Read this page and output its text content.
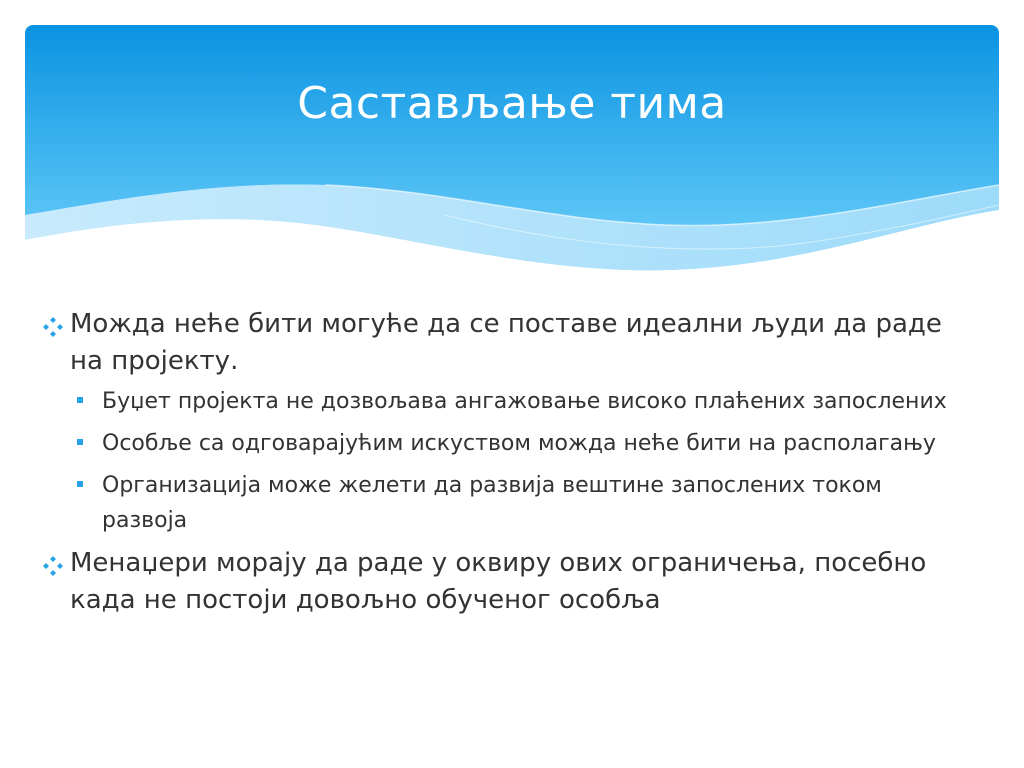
Састављање тима
Можда неће бити могуће да се поставе идеални људи да раде на пројекту.
Буџет пројекта не дозвољава ангажовање високо плаћених запослених
Особље са одговарајућим искуством можда неће бити на располагању
Организација може желети да развија вештине запослених током развоја
Менаџери морају да раде у оквиру ових ограничења, посебно када не постоји довољно обученог особља
